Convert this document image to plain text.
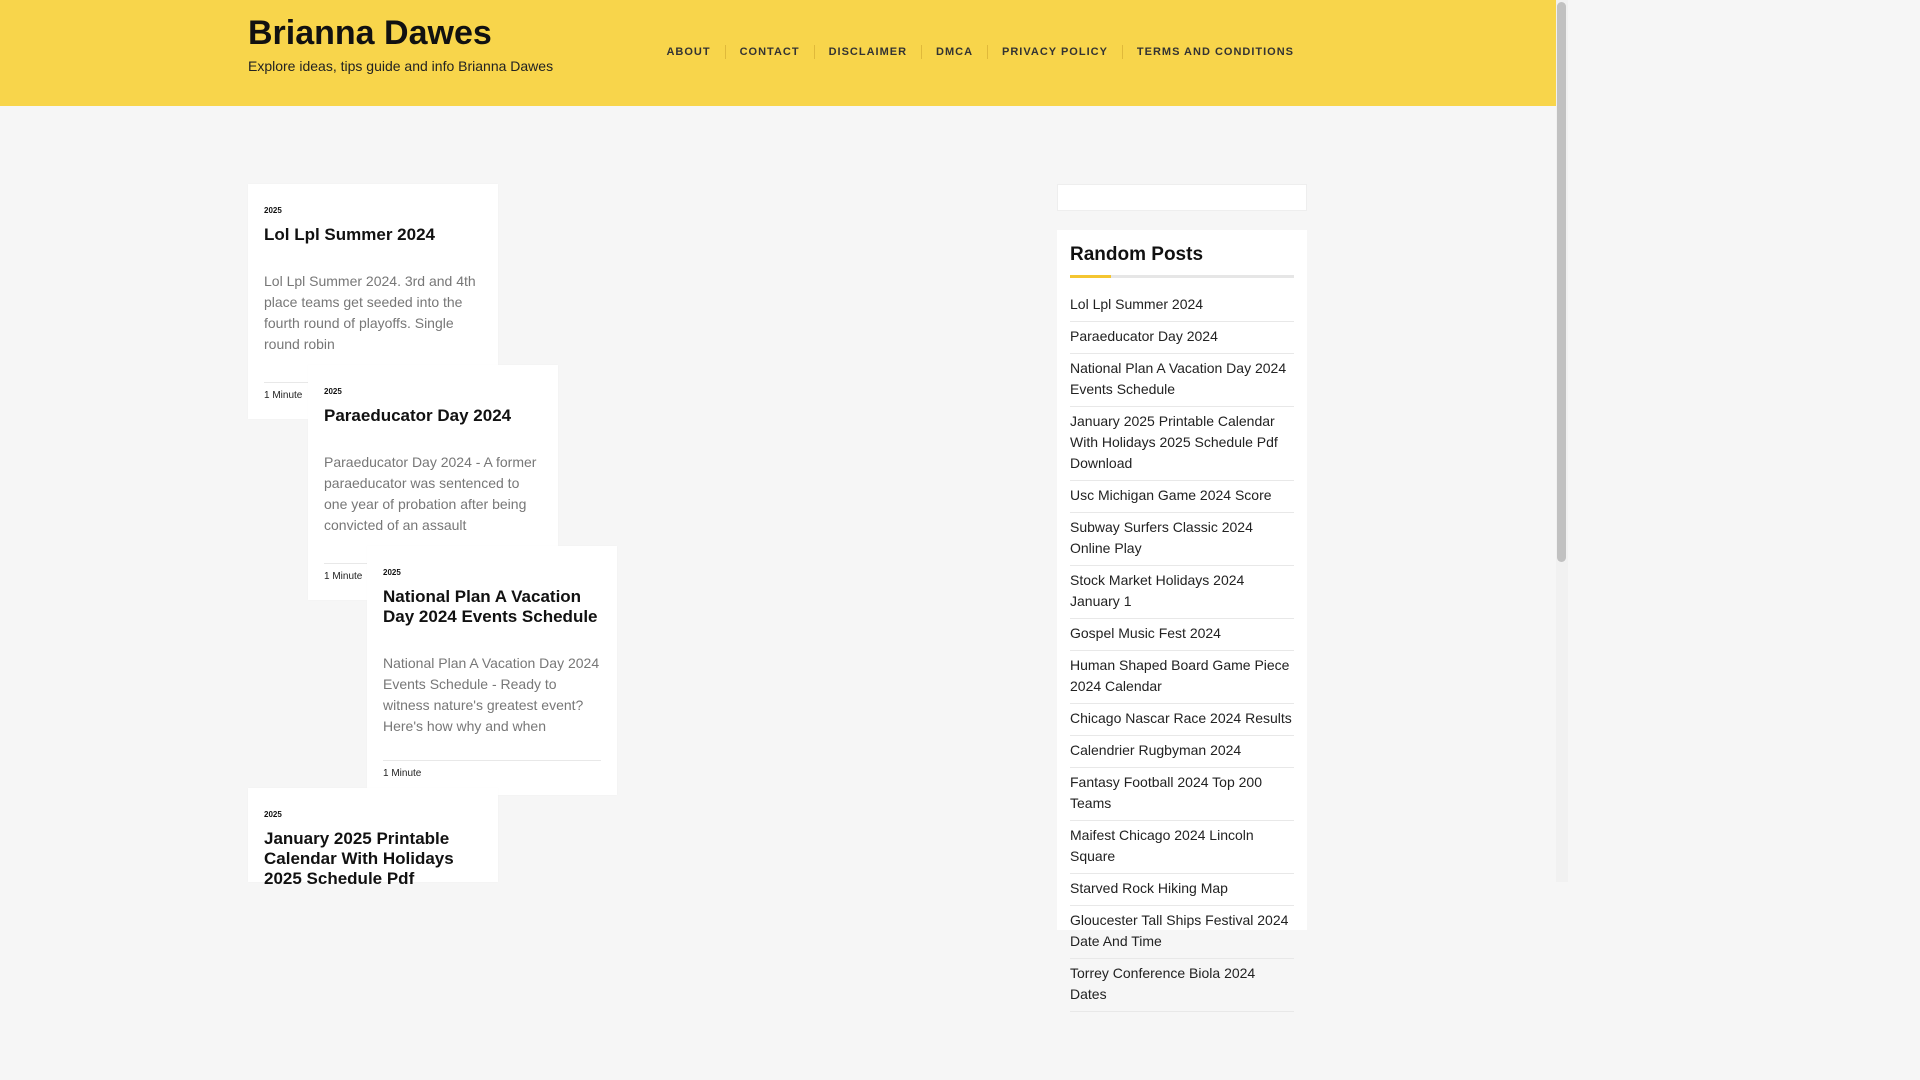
Brianna Dawes
Explore ideas, tips guide and info Brianna Dawes
ABOUT	CONTACT	DISCLAIMER	DMCA	PRIVACY POLICY	TERMS AND CONDITIONS
2025
Lol Lpl Summer 2024

Lol Lpl Summer 2024. 3rd and 4th place teams get seeded into the fourth round of playoffs. Single round robin

1 Minute	2025
Paraeducator Day 2024

Paraeducator Day 2024 - A former paraeducator was sentenced to one year of probation after being convicted of an assault

1 Minute	2025
National Plan A Vacation Day 2024 Events Schedule

National Plan A Vacation Day 2024 Events Schedule - Ready to witness nature's greatest event? Here's how why and when

1 Minute
2025
January 2025 Printable Calendar With Holidays 2025 Schedule Pdf
Random Posts
Lol Lpl Summer 2024
Paraeducator Day 2024
National Plan A Vacation Day 2024 Events Schedule
January 2025 Printable Calendar With Holidays 2025 Schedule Pdf Download
Usc Michigan Game 2024 Score
Subway Surfers Classic 2024 Online Play
Stock Market Holidays 2024 January 1
Gospel Music Fest 2024
Human Shaped Board Game Piece 2024 Calendar
Chicago Nascar Race 2024 Results
Calendrier Rugbyman 2024
Fantasy Football 2024 Top 200 Teams
Maifest Chicago 2024 Lincoln Square
Starved Rock Hiking Map
Gloucester Tall Ships Festival 2024 Date And Time
Torrey Conference Biola 2024 Dates
